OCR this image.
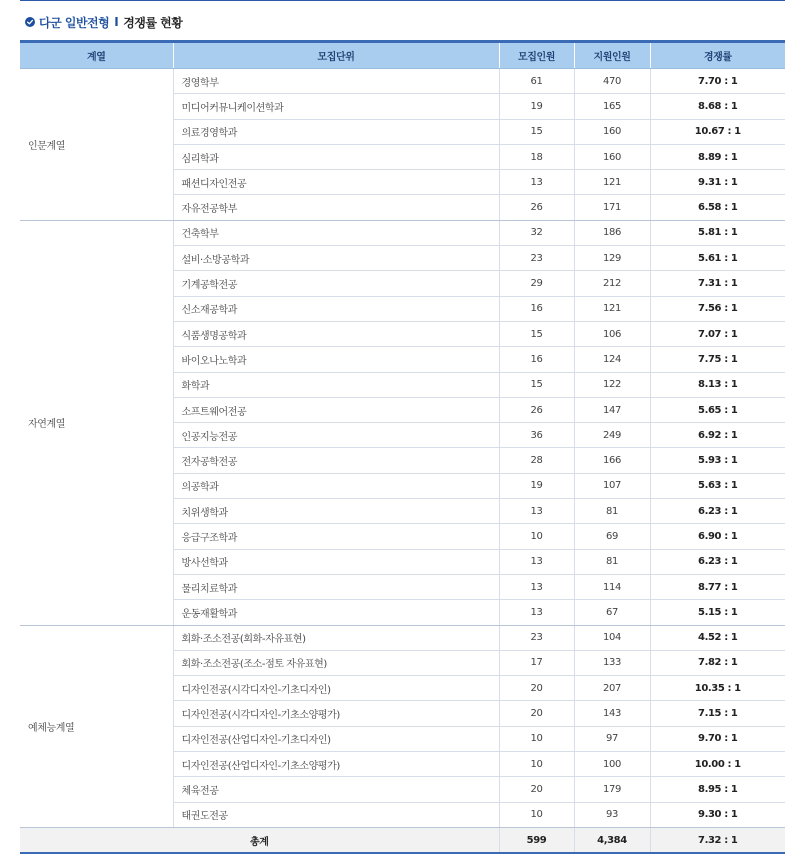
다군 일반전형 I 경쟁률 현황
계열	모집단위	모집인원	지원인원	경쟁률
인문계열	경영학부	61	470	7.70 : 1
	미디어커뮤니케이션학과	19	165	8.68 : 1
	의료경영학과	15	160	10.67 : 1
	심리학과	18	160	8.89 : 1
	패션디자인전공	13	121	9.31 : 1
	자유전공학부	26	171	6.58 : 1
자연계열	건축학부	32	186	5.81 : 1
	설비·소방공학과	23	129	5.61 : 1
	기계공학전공	29	212	7.31 : 1
	신소재공학과	16	121	7.56 : 1
	식품생명공학과	15	106	7.07 : 1
	바이오나노학과	16	124	7.75 : 1
	화학과	15	122	8.13 : 1
	소프트웨어전공	26	147	5.65 : 1
	인공지능전공	36	249	6.92 : 1
	전자공학전공	28	166	5.93 : 1
	의공학과	19	107	5.63 : 1
	치위생학과	13	81	6.23 : 1
	응급구조학과	10	69	6.90 : 1
	방사선학과	13	81	6.23 : 1
	물리치료학과	13	114	8.77 : 1
	운동재활학과	13	67	5.15 : 1
예체능계열	회화·조소전공(회화-자유표현)	23	104	4.52 : 1
	회화·조소전공(조소-점토 자유표현)	17	133	7.82 : 1
	디자인전공(시각디자인-기초디자인)	20	207	10.35 : 1
	디자인전공(시각디자인-기초소양평가)	20	143	7.15 : 1
	디자인전공(산업디자인-기초디자인)	10	97	9.70 : 1
	디자인전공(산업디자인-기초소양평가)	10	100	10.00 : 1
	체육전공	20	179	8.95 : 1
	태권도전공	10	93	9.30 : 1
총계		599	4,384	7.32 : 1
